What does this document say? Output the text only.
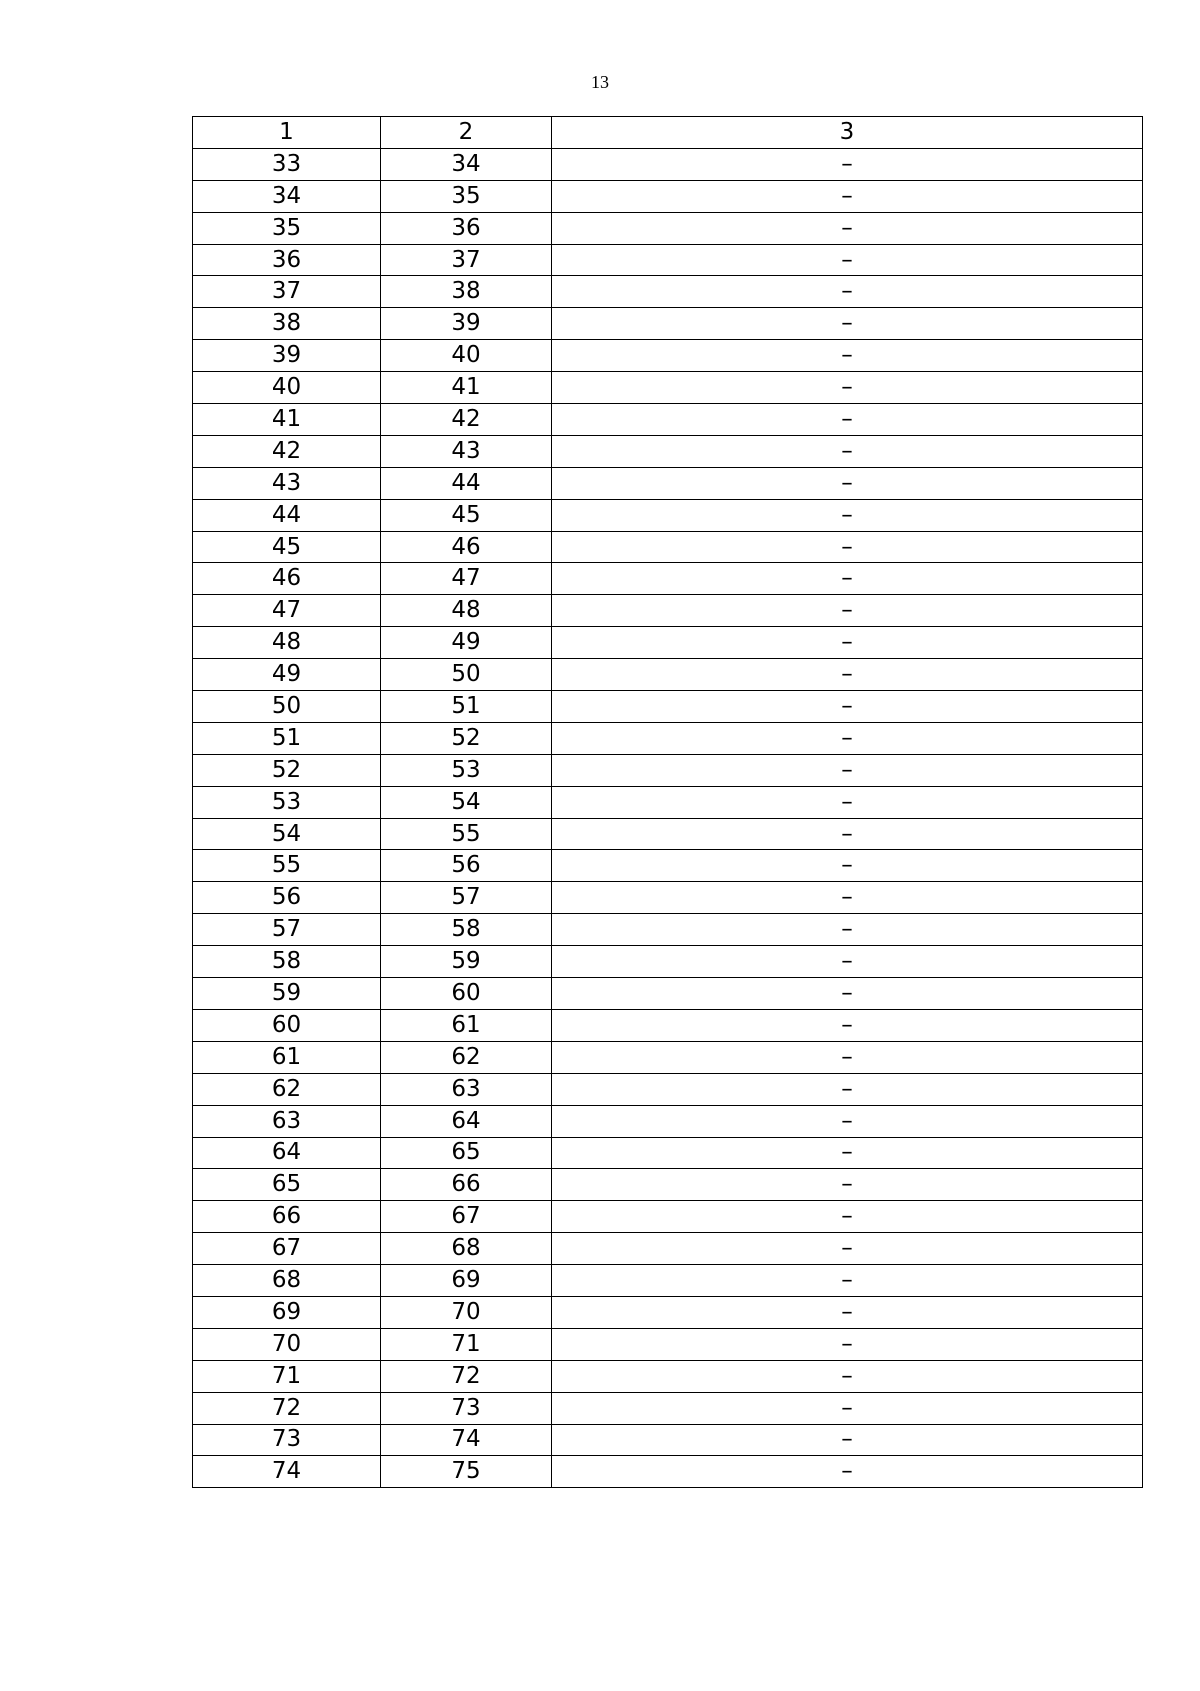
13
1	2	3
33	34	–
34	35	–
35	36	–
36	37	–
37	38	–
38	39	–
39	40	–
40	41	–
41	42	–
42	43	–
43	44	–
44	45	–
45	46	–
46	47	–
47	48	–
48	49	–
49	50	–
50	51	–
51	52	–
52	53	–
53	54	–
54	55	–
55	56	–
56	57	–
57	58	–
58	59	–
59	60	–
60	61	–
61	62	–
62	63	–
63	64	–
64	65	–
65	66	–
66	67	–
67	68	–
68	69	–
69	70	–
70	71	–
71	72	–
72	73	–
73	74	–
74	75	–
